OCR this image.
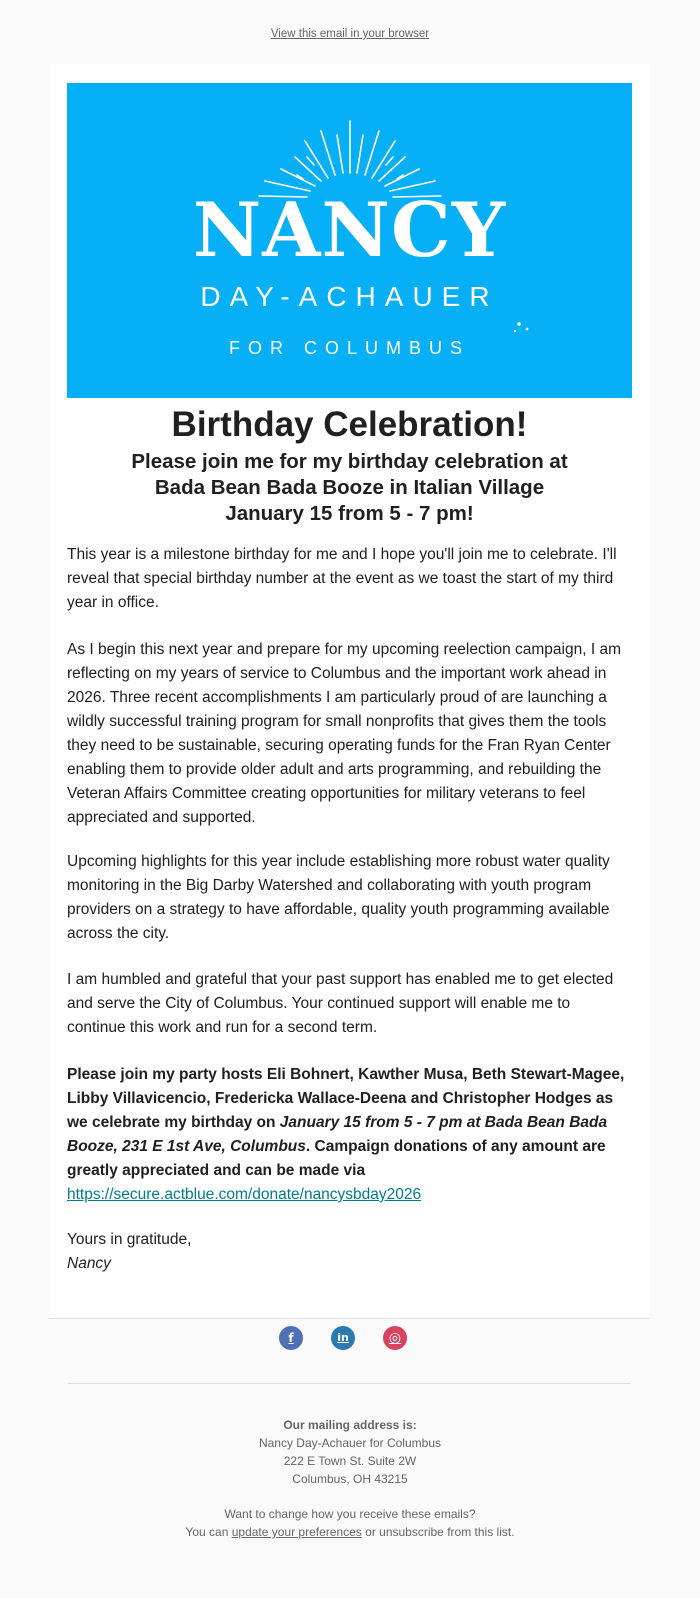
View this email in your browser
NANCY
DAY-ACHAUER
FOR COLUMBUS
Birthday Celebration!
Please join me for my birthday celebration at
Bada Bean Bada Booze in Italian Village
January 15 from 5 - 7 pm!

This year is a milestone birthday for me and I hope you'll join me to celebrate. I'll reveal that special birthday number at the event as we toast the start of my third year in office.

As I begin this next year and prepare for my upcoming reelection campaign, I am reflecting on my years of service to Columbus and the important work ahead in 2026. Three recent accomplishments I am particularly proud of are launching a wildly successful training program for small nonprofits that gives them the tools they need to be sustainable, securing operating funds for the Fran Ryan Center enabling them to provide older adult and arts programming, and rebuilding the Veteran Affairs Committee creating opportunities for military veterans to feel appreciated and supported.

Upcoming highlights for this year include establishing more robust water quality monitoring in the Big Darby Watershed and collaborating with youth program providers on a strategy to have affordable, quality youth programming available across the city.

I am humbled and grateful that your past support has enabled me to get elected and serve the City of Columbus. Your continued support will enable me to continue this work and run for a second term.

Please join my party hosts Eli Bohnert, Kawther Musa, Beth Stewart-Magee, Libby Villavicencio, Fredericka Wallace-Deena and Christopher Hodges as we celebrate my birthday on January 15 from 5 - 7 pm at Bada Bean Bada Booze, 231 E 1st Ave, Columbus. Campaign donations of any amount are greatly appreciated and can be made via
https://secure.actblue.com/donate/nancysbday2026

Yours in gratitude,
Nancy

f	in	◎
Our mailing address is:
Nancy Day-Achauer for Columbus
222 E Town St. Suite 2W
Columbus, OH 43215
Want to change how you receive these emails?
You can update your preferences or unsubscribe from this list.
